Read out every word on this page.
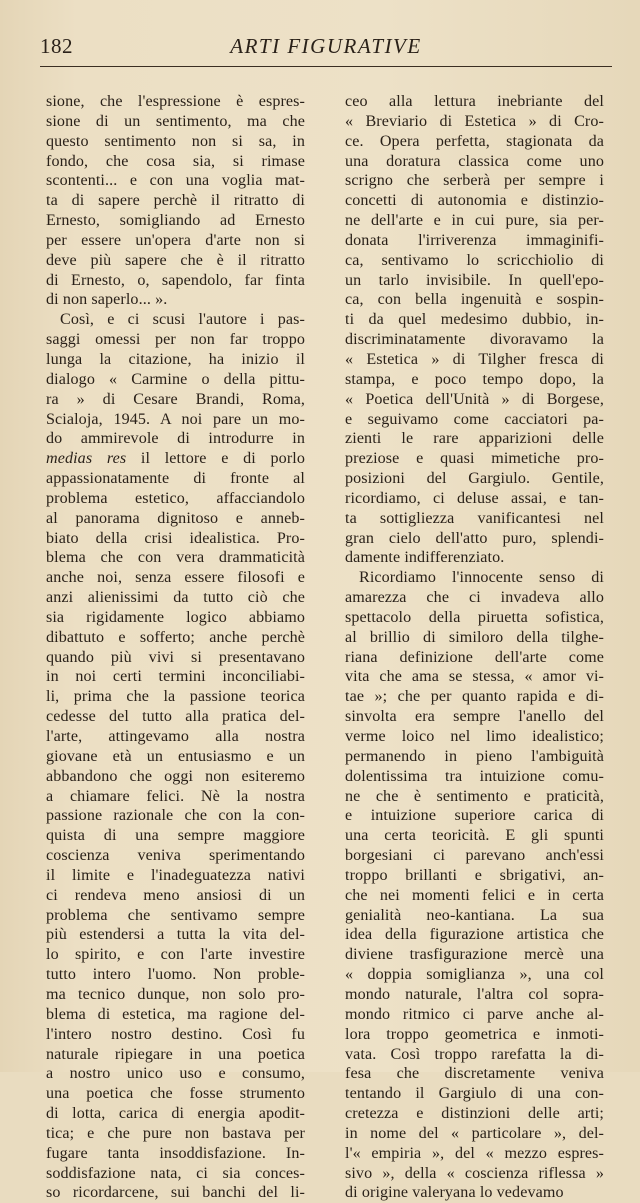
182	ARTI FIGURATIVE
sione, che l'espressione è espres-
sione di un sentimento, ma che
questo sentimento non si sa, in
fondo, che cosa sia, si rimase
scontenti... e con una voglia mat-
ta di sapere perchè il ritratto di
Ernesto, somigliando ad Ernesto
per essere un'opera d'arte non si
deve più sapere che è il ritratto
di Ernesto, o, sapendolo, far finta
di non saperlo... ».
Così, e ci scusi l'autore i pas-
saggi omessi per non far troppo
lunga la citazione, ha inizio il
dialogo « Carmine o della pittu-
ra » di Cesare Brandi, Roma,
Scialoja, 1945. A noi pare un mo-
do ammirevole di introdurre in
medias res il lettore e di porlo
appassionatamente di fronte al
problema estetico, affacciandolo
al panorama dignitoso e anneb-
biato della crisi idealistica. Pro-
blema che con vera drammaticità
anche noi, senza essere filosofi e
anzi alienissimi da tutto ciò che
sia rigidamente logico abbiamo
dibattuto e sofferto; anche perchè
quando più vivi si presentavano
in noi certi termini inconciliabi-
li, prima che la passione teorica
cedesse del tutto alla pratica del-
l'arte, attingevamo alla nostra
giovane età un entusiasmo e un
abbandono che oggi non esiteremo
a chiamare felici. Nè la nostra
passione razionale che con la con-
quista di una sempre maggiore
coscienza veniva sperimentando
il limite e l'inadeguatezza nativi
ci rendeva meno ansiosi di un
problema che sentivamo sempre
più estendersi a tutta la vita del-
lo spirito, e con l'arte investire
tutto intero l'uomo. Non proble-
ma tecnico dunque, non solo pro-
blema di estetica, ma ragione del-
l'intero nostro destino. Così fu
naturale ripiegare in una poetica
a nostro unico uso e consumo,
una poetica che fosse strumento
di lotta, carica di energia apodit-
tica; e che pure non bastava per
fugare tanta insoddisfazione. In-
soddisfazione nata, ci sia conces-
so ricordarcene, sui banchi del li-
ceo alla lettura inebriante del
« Breviario di Estetica » di Cro-
ce. Opera perfetta, stagionata da
una doratura classica come uno
scrigno che serberà per sempre i
concetti di autonomia e distinzio-
ne dell'arte e in cui pure, sia per-
donata l'irriverenza immaginifi-
ca, sentivamo lo scricchiolio di
un tarlo invisibile. In quell'epo-
ca, con bella ingenuità e sospin-
ti da quel medesimo dubbio, in-
discriminatamente divoravamo la
« Estetica » di Tilgher fresca di
stampa, e poco tempo dopo, la
« Poetica dell'Unità » di Borgese,
e seguivamo come cacciatori pa-
zienti le rare apparizioni delle
preziose e quasi mimetiche pro-
posizioni del Gargiulo. Gentile,
ricordiamo, ci deluse assai, e tan-
ta sottigliezza vanificantesi nel
gran cielo dell'atto puro, splendi-
damente indifferenziato.
Ricordiamo l'innocente senso di
amarezza che ci invadeva allo
spettacolo della piruetta sofistica,
al brillio di similoro della tilghe-
riana definizione dell'arte come
vita che ama se stessa, « amor vi-
tae »; che per quanto rapida e di-
sinvolta era sempre l'anello del
verme loico nel limo idealistico;
permanendo in pieno l'ambiguità
dolentissima tra intuizione comu-
ne che è sentimento e praticità,
e intuizione superiore carica di
una certa teoricità. E gli spunti
borgesiani ci parevano anch'essi
troppo brillanti e sbrigativi, an-
che nei momenti felici e in certa
genialità neo-kantiana. La sua
idea della figurazione artistica che
diviene trasfigurazione mercè una
« doppia somiglianza », una col
mondo naturale, l'altra col sopra-
mondo ritmico ci parve anche al-
lora troppo geometrica e inmoti-
vata. Così troppo rarefatta la di-
fesa che discretamente veniva
tentando il Gargiulo di una con-
cretezza e distinzioni delle arti;
in nome del « particolare », del-
l'« empiria », del « mezzo espres-
sivo », della « coscienza riflessa »
di origine valeryana lo vedevamo
